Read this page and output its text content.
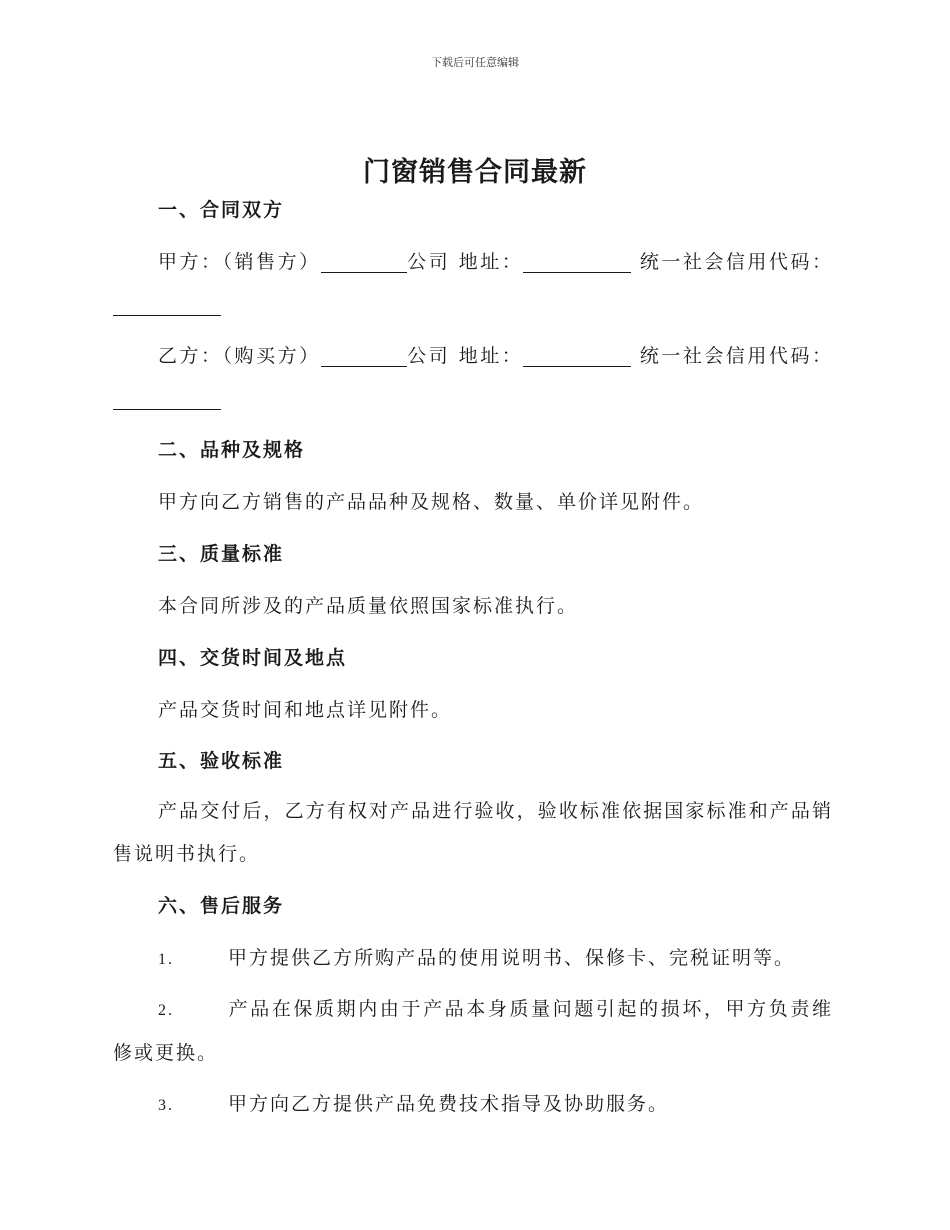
下载后可任意编辑
门窗销售合同最新
一、合同双方
甲方：（销售方）	公司 地址：	统一社会信用代码：
乙方：（购买方）	公司 地址：	统一社会信用代码：
二、品种及规格
甲方向乙方销售的产品品种及规格、数量、单价详见附件。
三、质量标准
本合同所涉及的产品质量依照国家标准执行。
四、交货时间及地点
产品交货时间和地点详见附件。
五、验收标准
产品交付后，乙方有权对产品进行验收，验收标准依据国家标准和产品销售说明书执行。
六、售后服务
1.	甲方提供乙方所购产品的使用说明书、保修卡、完税证明等。
2.	产品在保质期内由于产品本身质量问题引起的损坏，甲方负责维修或更换。
3.	甲方向乙方提供产品免费技术指导及协助服务。
